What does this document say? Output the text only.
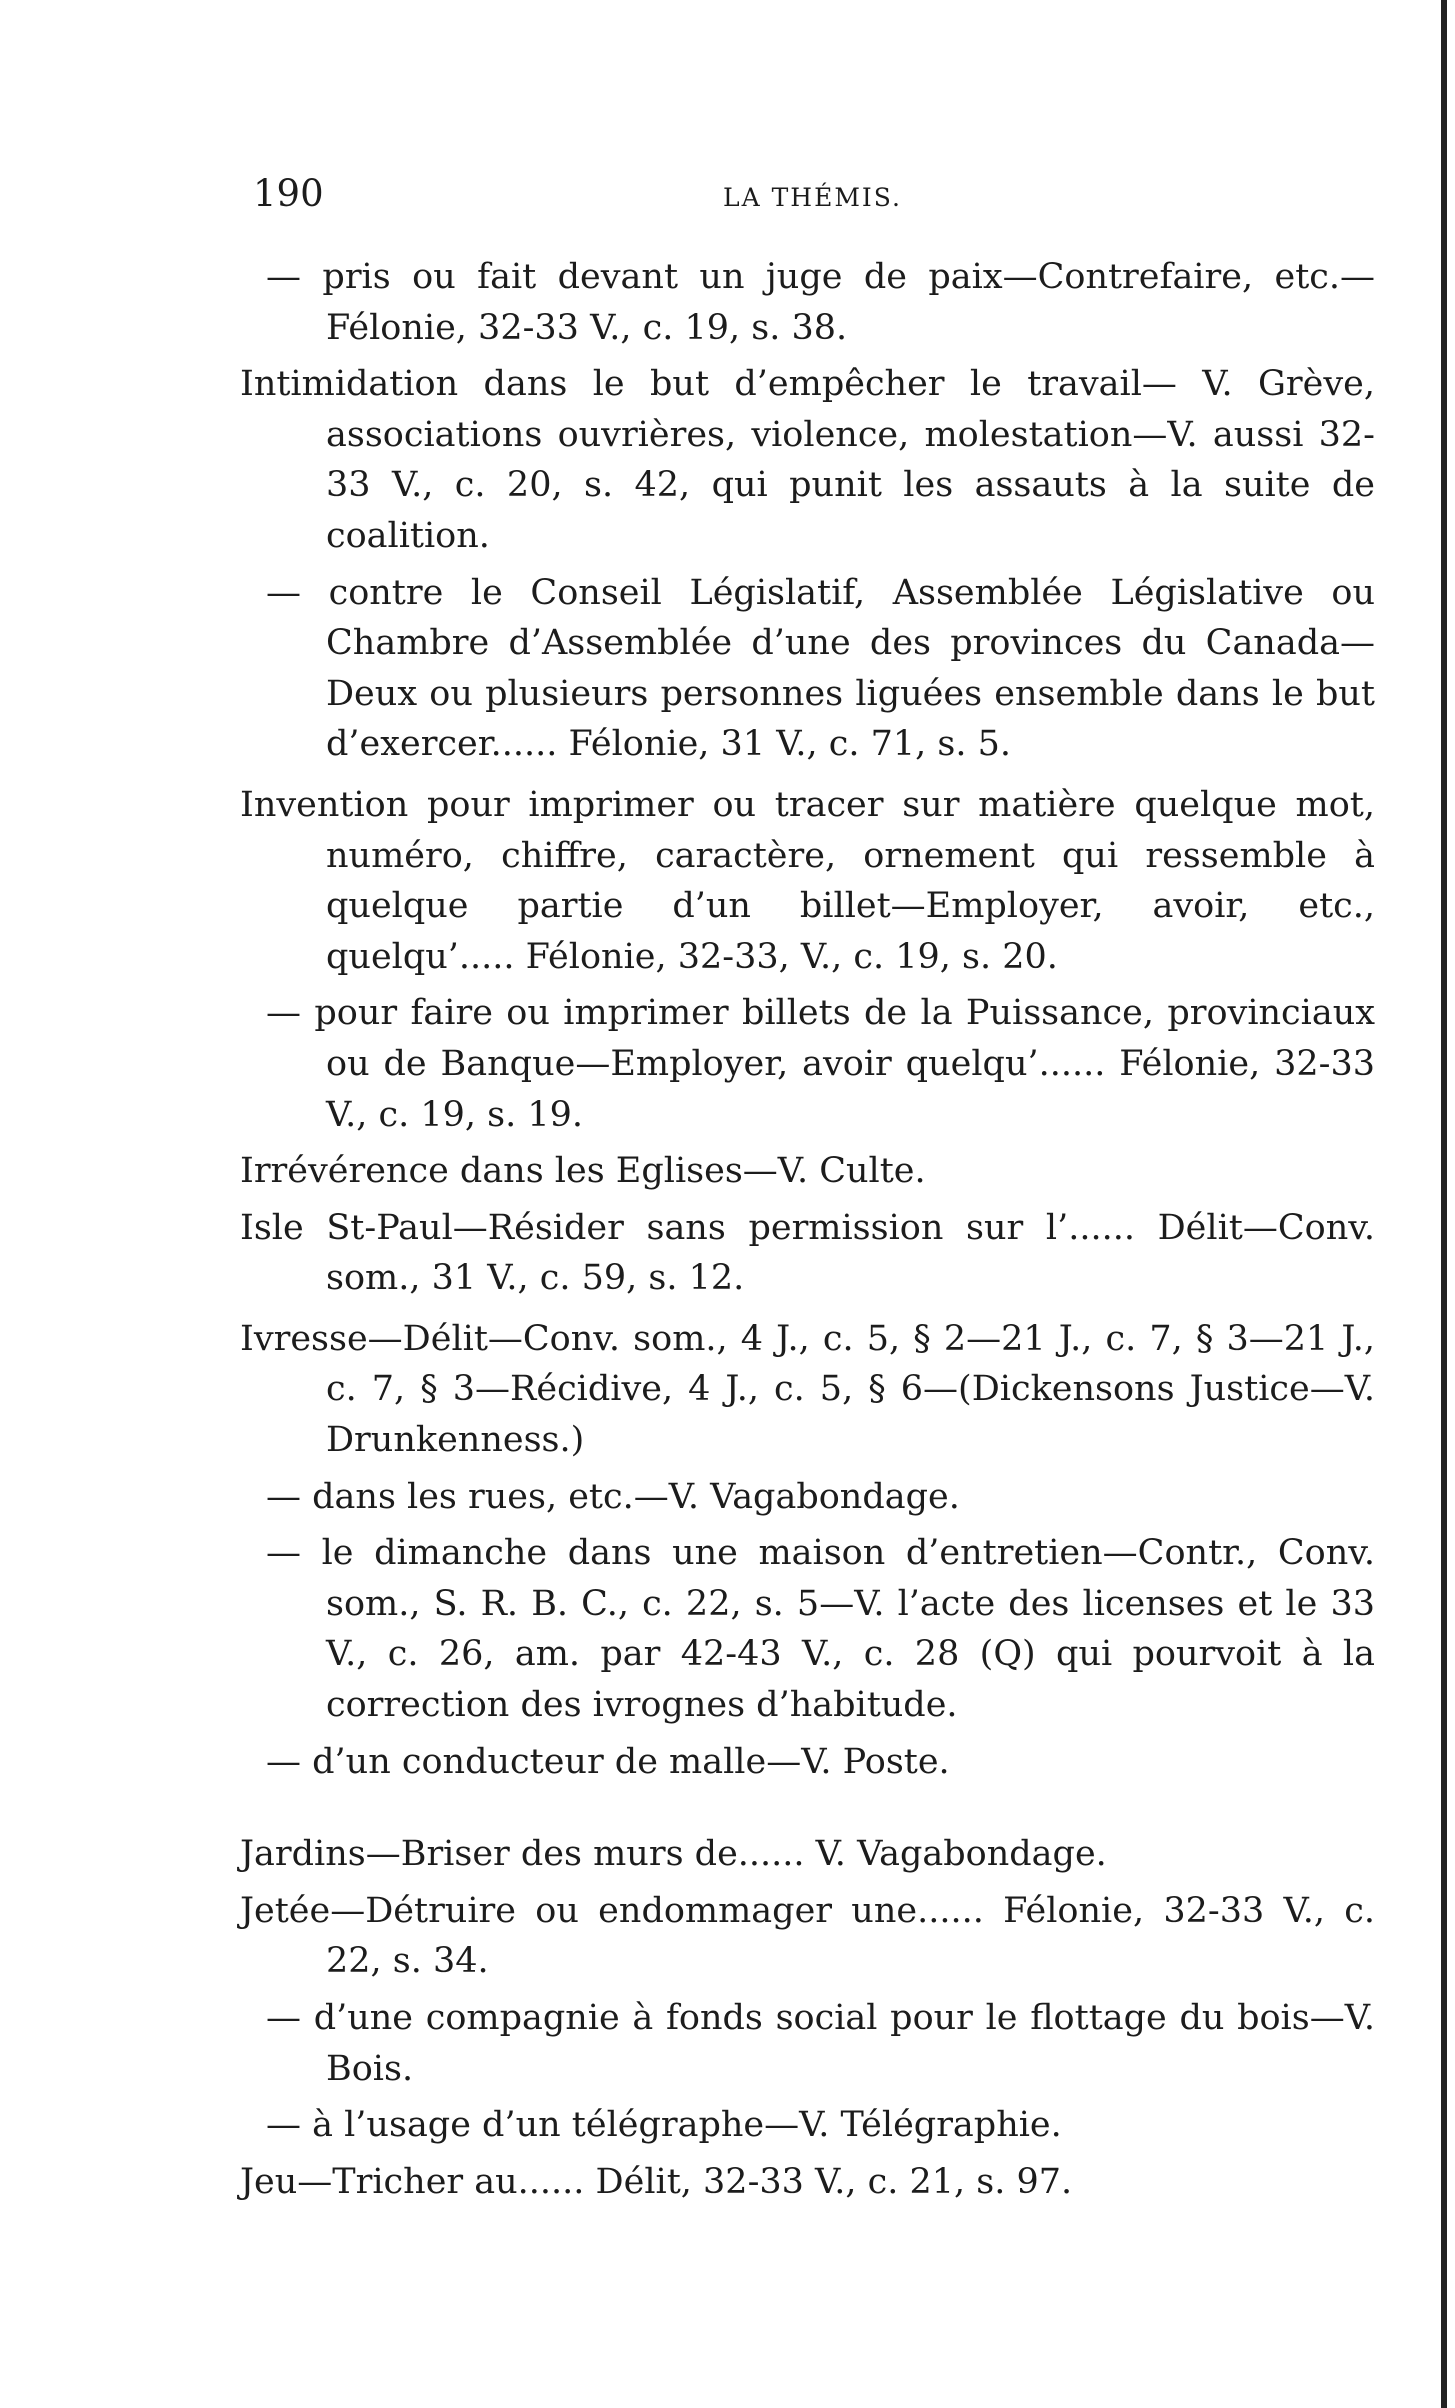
190	LA THÉMIS.

— pris ou fait devant un juge de paix—Contrefaire, etc.—Félonie, 32-33 V., c. 19, s. 38.

Intimidation dans le but d’empêcher le travail— V. Grève, associations ouvrières, violence, molestation—V. aussi 32-33 V., c. 20, s. 42, qui punit les assauts à la suite de coalition.

— contre le Conseil Législatif, Assemblée Législative ou Chambre d’Assemblée d’une des provinces du Canada—Deux ou plusieurs personnes liguées ensemble dans le but d’exercer...... Félonie, 31 V., c. 71, s. 5.

Invention pour imprimer ou tracer sur matière quelque mot, numéro, chiffre, caractère, ornement qui ressemble à quelque partie d’un billet—Employer, avoir, etc., quelqu’..... Félonie, 32-33, V., c. 19, s. 20.

— pour faire ou imprimer billets de la Puissance, provinciaux ou de Banque—Employer, avoir quelqu’...... Félonie, 32-33 V., c. 19, s. 19.

Irrévérence dans les Eglises—V. Culte.

Isle St-Paul—Résider sans permission sur l’...... Délit—Conv. som., 31 V., c. 59, s. 12.

Ivresse—Délit—Conv. som., 4 J., c. 5, § 2—21 J., c. 7, § 3—21 J., c. 7, § 3—Récidive, 4 J., c. 5, § 6—(Dickensons Justice—V. Drunkenness.)

— dans les rues, etc.—V. Vagabondage.

— le dimanche dans une maison d’entretien—Contr., Conv. som., S. R. B. C., c. 22, s. 5—V. l’acte des licenses et le 33 V., c. 26, am. par 42-43 V., c. 28 (Q) qui pourvoit à la correction des ivrognes d’habitude.

— d’un conducteur de malle—V. Poste.

Jardins—Briser des murs de...... V. Vagabondage.

Jetée—Détruire ou endommager une...... Félonie, 32-33 V., c. 22, s. 34.

— d’une compagnie à fonds social pour le flottage du bois—V. Bois.

— à l’usage d’un télégraphe—V. Télégraphie.

Jeu—Tricher au...... Délit, 32-33 V., c. 21, s. 97.
